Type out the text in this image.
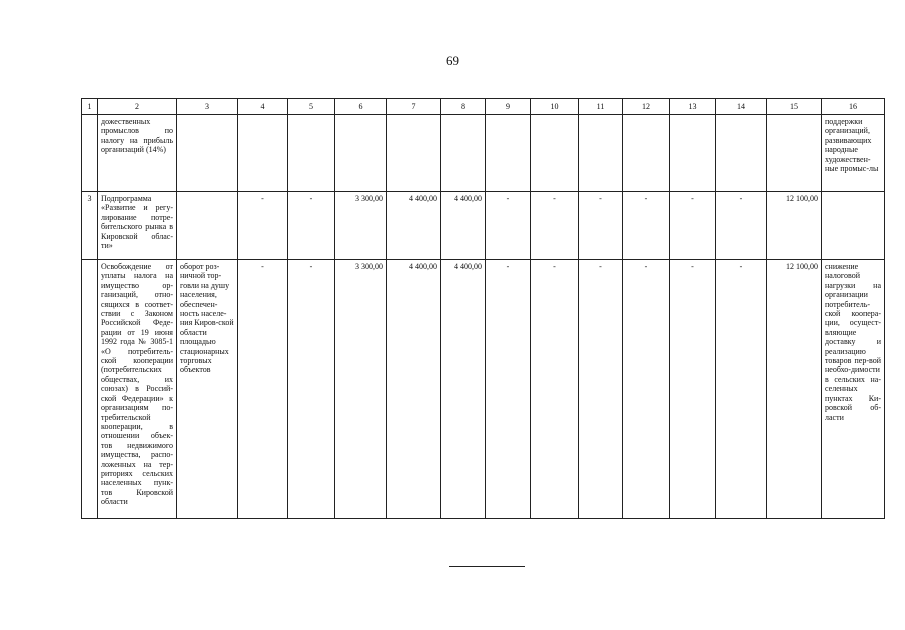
69
1	2	3	4	5	6	7	8	9	10	11	12	13	14	15	16
	дожественных промыслов по налогу на прибыль организаций (14%)														поддержки организаций, развивающих народные художествен-ные промыс-лы
3	Подпрограмма «Развитие и регу-лирование потре-бительского рынка в Кировской облас-ти»		-	-	3 300,00	4 400,00	4 400,00	-	-	-	-	-	-	12 100,00	
	Освобождение от уплаты налога на имущество ор-ганизаций, отно-сящихся в соответ-ствии с Законом Российской Феде-рации от 19 июня 1992 года № 3085-1 «О потребитель-ской кооперации (потребительских обществах, их союзах) в Россий-ской Федерации» к организациям по-требительской кооперации, в отношении объек-тов недвижимого имущества, распо-ложенных на тер-риториях сельских населенных пунк-тов Кировской области	оборот роз-ничной тор-говли на душу населения, обеспечен-ность населе-ния Киров-ской области площадью стационарных торговых объектов	-	-	3 300,00	4 400,00	4 400,00	-	-	-	-	-	-	12 100,00	снижение налоговой нагрузки на организации потребитель-ской коопера-ции, осущест-вляющие доставку и реализацию товаров пер-вой необхо-димости в сельских на-селенных пунктах Ки-ровской об-ласти
